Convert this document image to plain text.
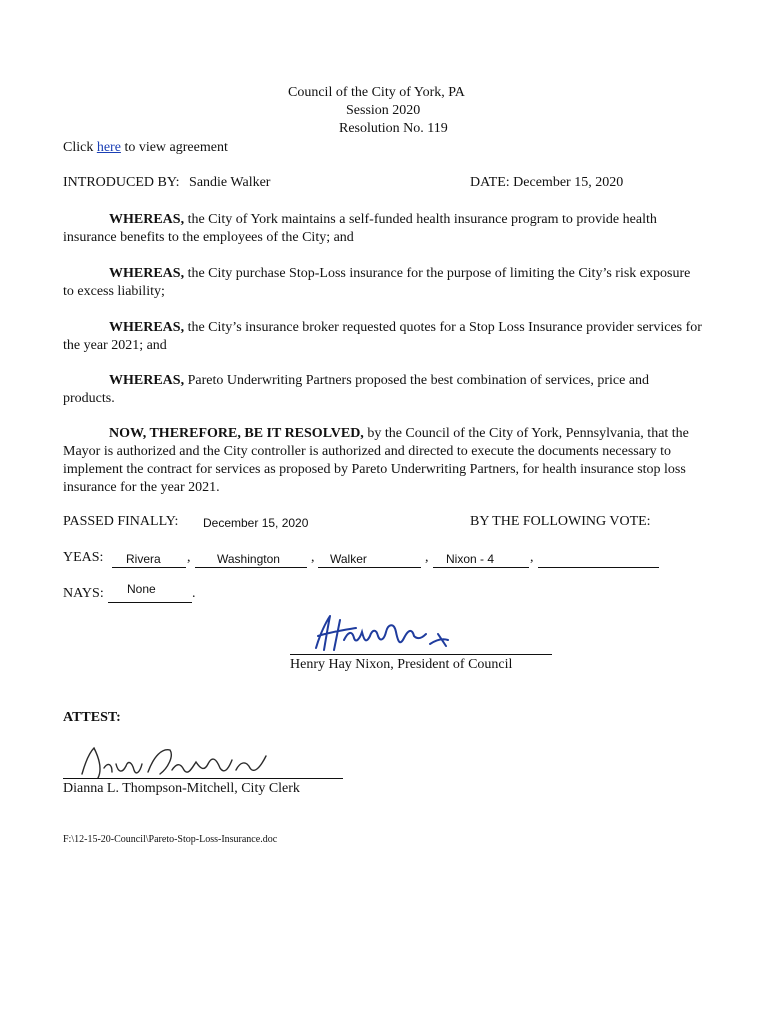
Council of the City of York, PA
Session 2020
Resolution No. 119
Click here to view agreement
INTRODUCED BY: Sandie Walker	DATE: December 15, 2020
WHEREAS, the City of York maintains a self-funded health insurance program to provide health insurance benefits to the employees of the City; and
WHEREAS, the City purchase Stop-Loss insurance for the purpose of limiting the City’s risk exposure to excess liability;
WHEREAS, the City’s insurance broker requested quotes for a Stop Loss Insurance provider services for the year 2021; and
WHEREAS, Pareto Underwriting Partners proposed the best combination of services, price and products.
NOW, THEREFORE, BE IT RESOLVED, by the Council of the City of York, Pennsylvania, that the Mayor is authorized and the City controller is authorized and directed to execute the documents necessary to implement the contract for services as proposed by Pareto Underwriting Partners, for health insurance stop loss insurance for the year 2021.
PASSED FINALLY: December 15, 2020	BY THE FOLLOWING VOTE:
YEAS: Rivera , Washington , Walker	, Nixon - 4	,
NAYS: None	.
Henry Hay Nixon, President of Council
ATTEST:
Dianna L. Thompson-Mitchell, City Clerk
F:\12-15-20-Council\Pareto-Stop-Loss-Insurance.doc
